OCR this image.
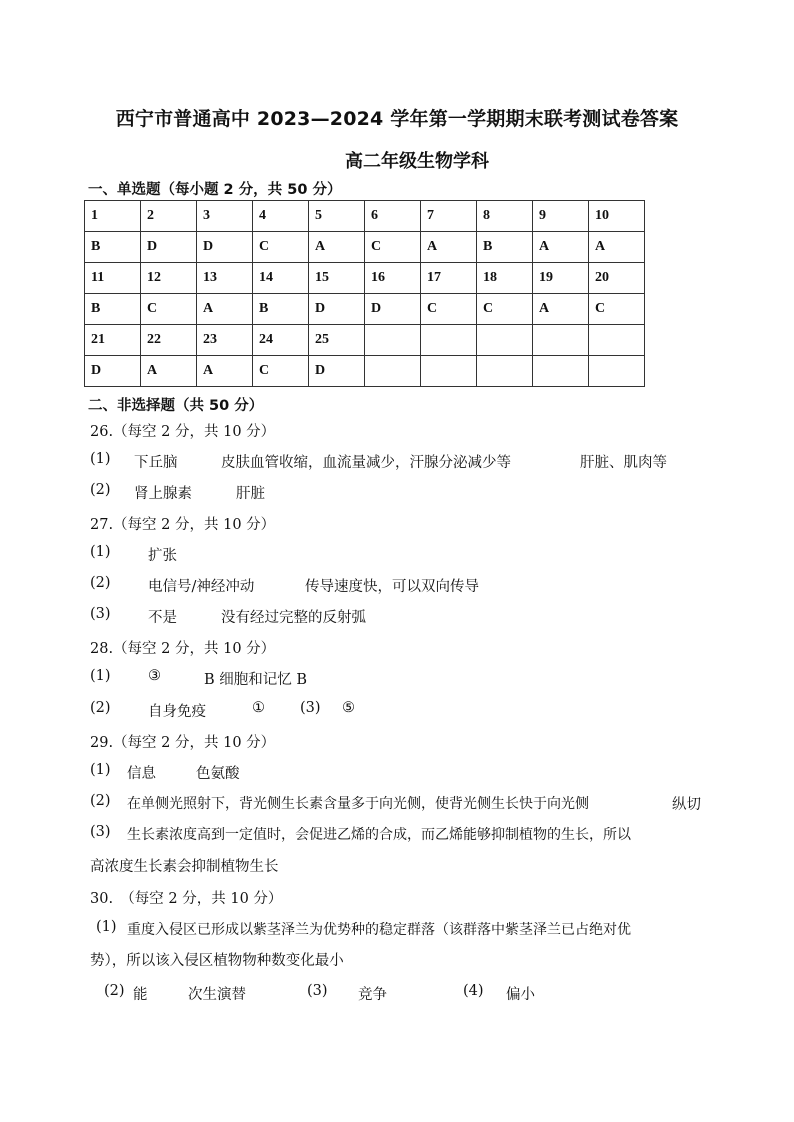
西宁市普通高中 2023—2024 学年第一学期期末联考测试卷答案
高二年级生物学科
一、单选题（每小题 2 分，共 50 分）
1	2	3	4	5	6	7	8	9	10
B	D	D	C	A	C	A	B	A	A
11	12	13	14	15	16	17	18	19	20
B	C	A	B	D	D	C	C	A	C
21	22	23	24	25					
D	A	A	C	D					
二、非选择题（共 50 分）
26.（每空 2 分，共 10 分）
(1) 下丘脑	皮肤血管收缩，血流量减少，汗腺分泌减少等	肝脏、肌肉等
(2) 肾上腺素	肝脏
27.（每空 2 分，共 10 分）
(1)	扩张
(2)	电信号/神经冲动	传导速度快，可以双向传导
(3)	不是	没有经过完整的反射弧
28.（每空 2 分，共 10 分）
(1)	③	B 细胞和记忆 B
(2)	自身免疫	① (3) ⑤
29.（每空 2 分，共 10 分）
(1) 信息	色氨酸
(2) 在单侧光照射下，背光侧生长素含量多于向光侧，使背光侧生长快于向光侧	纵切
(3) 生长素浓度高到一定值时，会促进乙烯的合成，而乙烯能够抑制植物的生长，所以
高浓度生长素会抑制植物生长
30.　（每空 2 分，共 10 分）
(1) 重度入侵区已形成以紫茎泽兰为优势种的稳定群落（该群落中紫茎泽兰已占绝对优
势），所以该入侵区植物物种数变化最小
(2) 能	次生演替	(3) 竞争	(4) 偏小
